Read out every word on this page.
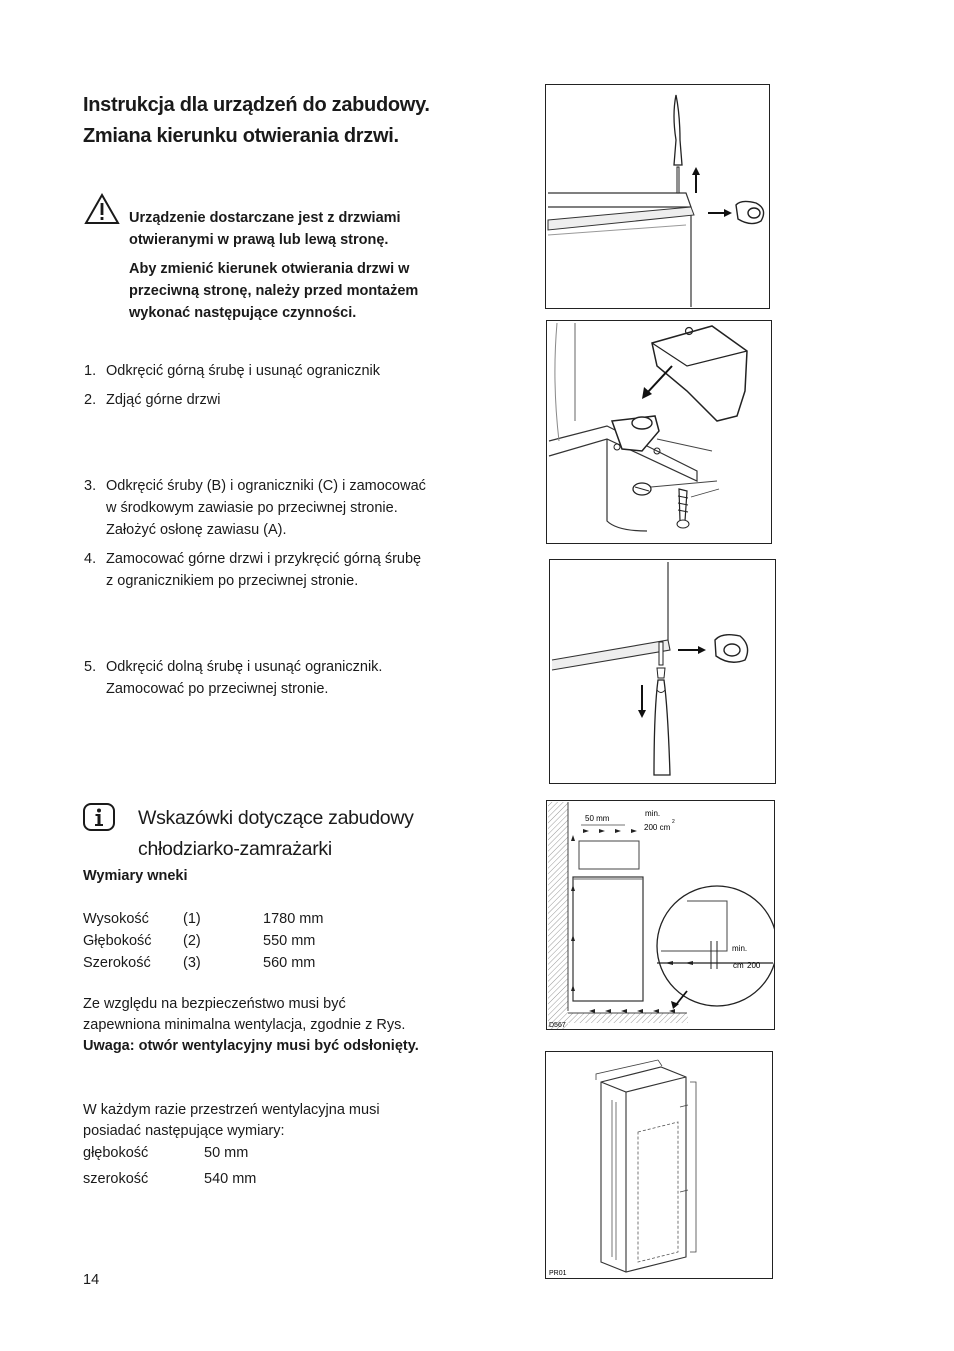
Instrukcja dla urządzeń do zabudowy.
Zmiana kierunku otwierania drzwi.
Urządzenie dostarczane jest z drzwiami
otwieranymi w prawą lub lewą stronę.
Aby zmienić kierunek otwierania drzwi w
przeciwną stronę, należy przed montażem
wykonać następujące czynności.
1. Odkręcić górną śrubę i usunąć ogranicznik
2. Zdjąć górne drzwi
3. Odkręcić śruby (B) i ograniczniki (C) i zamocować
w środkowym zawiasie po przeciwnej stronie.
Założyć osłonę zawiasu (A).
4. Zamocować górne drzwi i przykręcić górną śrubę
z ogranicznikiem po przeciwnej stronie.
5. Odkręcić dolną śrubę i usunąć ogranicznik.
Zamocować po przeciwnej stronie.
Wskazówki dotyczące zabudowy
chłodziarko-zamrażarki
Wymiary wneki
Wysokość (1)	1780 mm
Głębokość (2)	550 mm
Szerokość (3)	560 mm
Ze względu na bezpieczeństwo musi być
zapewniona minimalna wentylacja, zgodnie z Rys.
Uwaga: otwór wentylacyjny musi być odsłonięty.
W każdym razie przestrzeń wentylacyjna musi
posiadać następujące wymiary:
głębokość	50 mm
szerokość	540 mm
14
50 mm
min.
200 cm
2
min.
cm 200
D567
PR01
